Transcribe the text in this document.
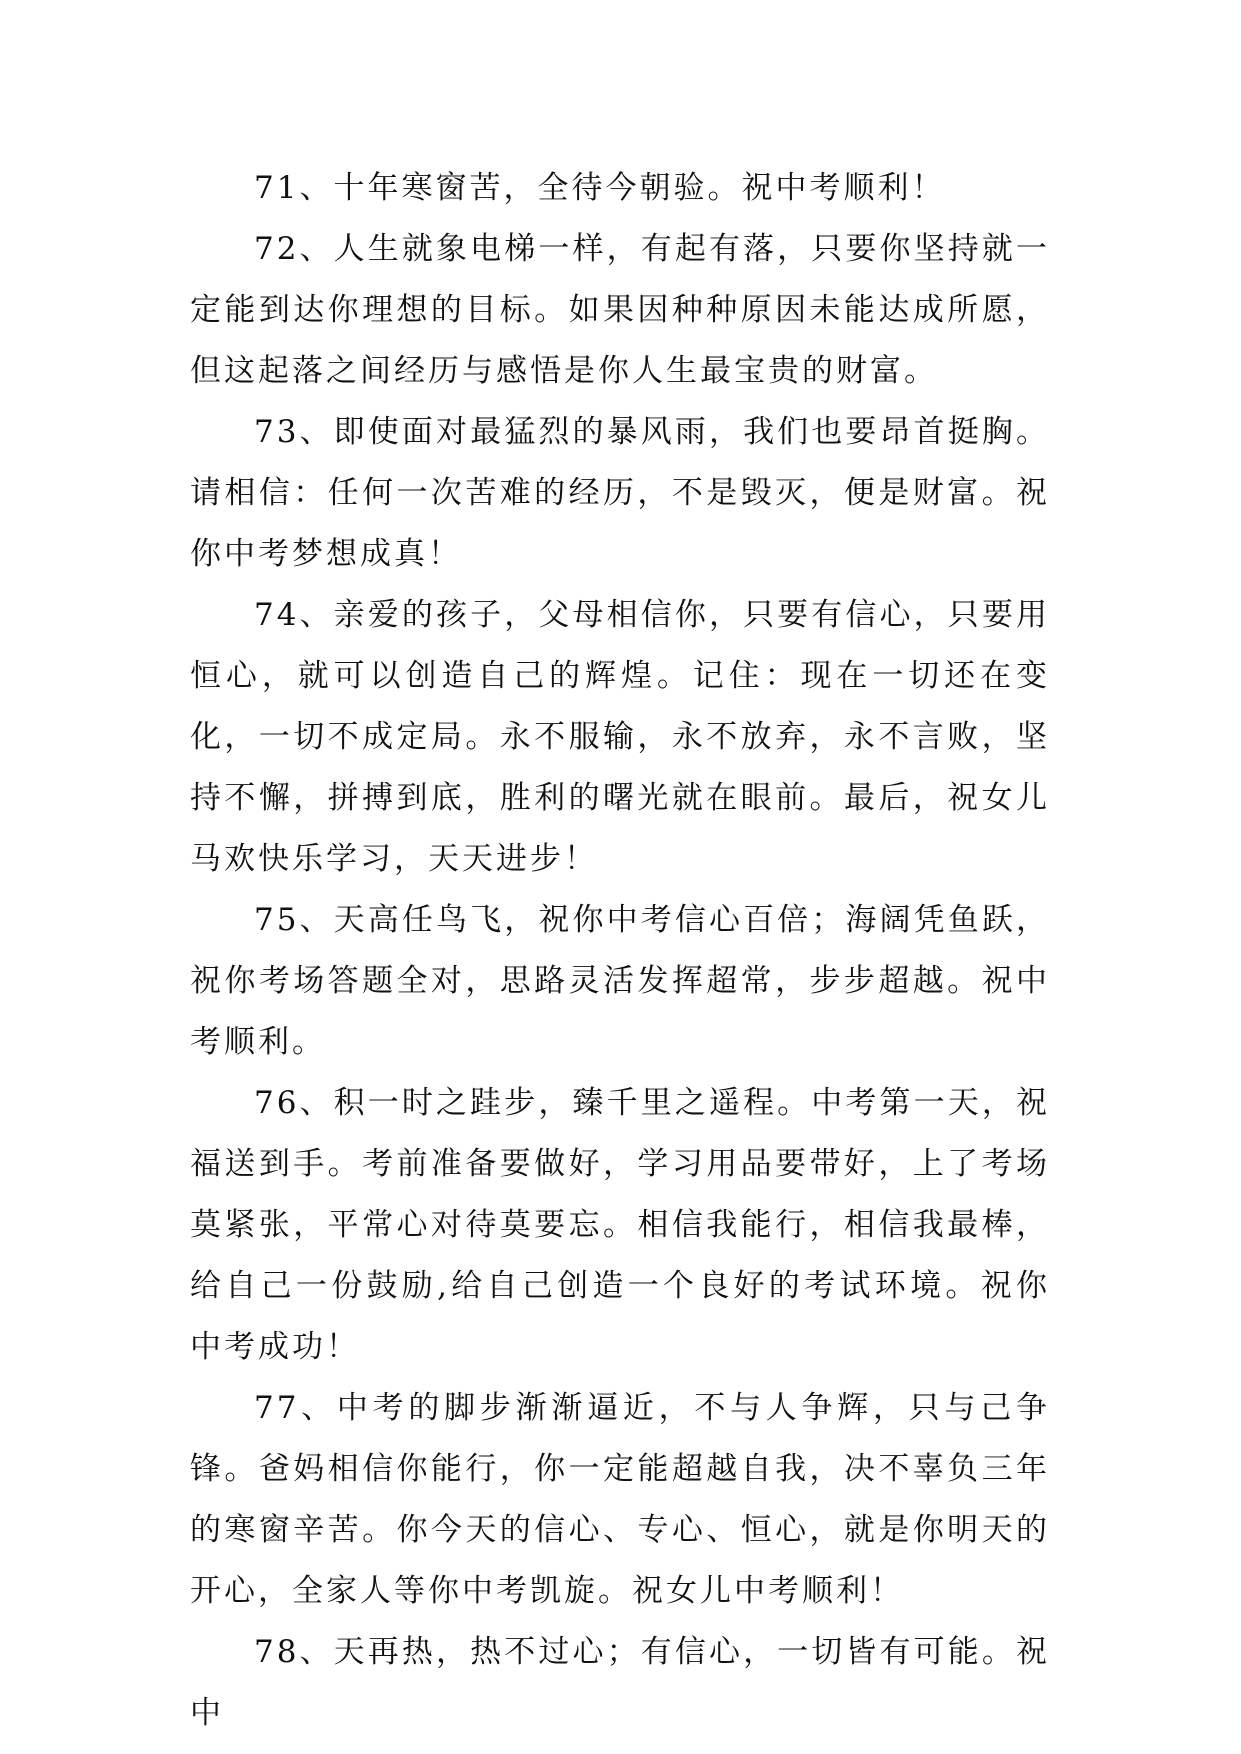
71、十年寒窗苦，全待今朝验。祝中考顺利！

72、人生就象电梯一样，有起有落，只要你坚持就一定能到达你理想的目标。如果因种种原因未能达成所愿，但这起落之间经历与感悟是你人生最宝贵的财富。

73、即使面对最猛烈的暴风雨，我们也要昂首挺胸。请相信：任何一次苦难的经历，不是毁灭，便是财富。祝你中考梦想成真！

74、亲爱的孩子，父母相信你，只要有信心，只要用恒心，就可以创造自己的辉煌。记住：现在一切还在变化，一切不成定局。永不服输，永不放弃，永不言败，坚持不懈，拼搏到底，胜利的曙光就在眼前。最后，祝女儿马欢快乐学习，天天进步！

75、天高任鸟飞，祝你中考信心百倍；海阔凭鱼跃，祝你考场答题全对，思路灵活发挥超常，步步超越。祝中考顺利。

76、积一时之跬步，臻千里之遥程。中考第一天，祝福送到手。考前准备要做好，学习用品要带好，上了考场莫紧张，平常心对待莫要忘。相信我能行，相信我最棒，给自己一份鼓励,给自己创造一个良好的考试环境。祝你中考成功！

77、中考的脚步渐渐逼近，不与人争辉，只与己争锋。爸妈相信你能行，你一定能超越自我，决不辜负三年的寒窗辛苦。你今天的信心、专心、恒心，就是你明天的开心，全家人等你中考凯旋。祝女儿中考顺利！

78、天再热，热不过心；有信心，一切皆有可能。祝中
